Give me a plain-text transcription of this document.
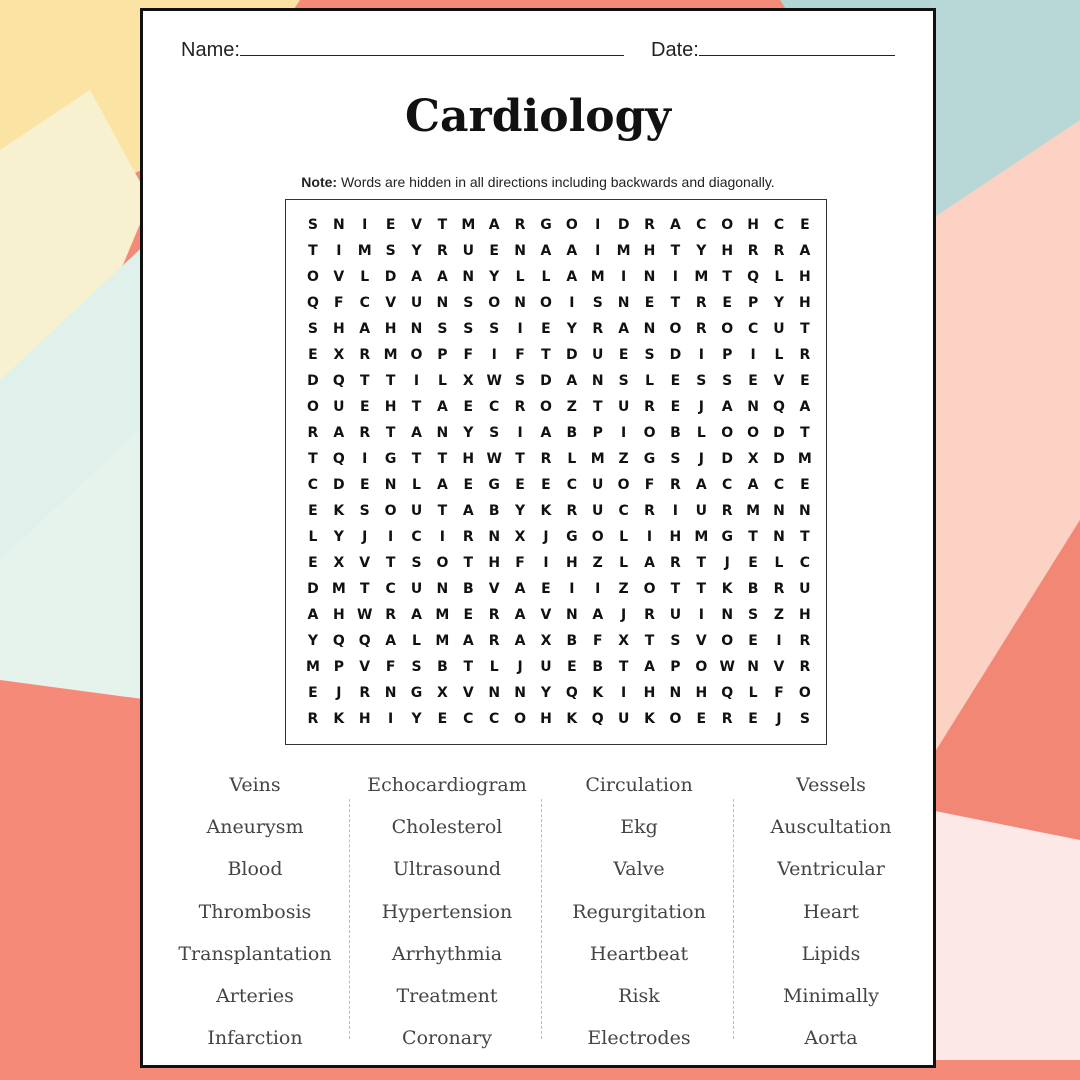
Name:	Date:
Cardiology
Note: Words are hidden in all directions including backwards and diagonally.
S	N	I	E	V	T	M A	R	G	O	I	D	R	A	C	O	H	C	E
T	I	M S	Y	R	U	E	N	A	A	I	M H	T	Y	H	R	R	A
O	V	L	D	A	A	N	Y	L	L	A M	I	N	I	M	T	Q	L	H
Q	F	C	V	U	N	S	O	N	O	I	S	N	E	T	R	E	P	Y	H
S	H	A	H	N	S	S	S	I	E	Y	R	A	N	O	R	O	C	U	T
E	X	R M O	P	F	I	F	T	D	U	E	S	D	I	P	I	L	R
D	Q	T	T	I	L	X W S	D	A	N	S	L	E	S	S	E	V	E
O	U	E	H	T	A	E	C	R	O	Z	T	U	R	E	J	A	N	Q	A
R	A	R	T	A	N	Y	S	I	A	B	P	I	O	B	L	O O	D	T
T	Q	I	G	T	T	H W T	R	L	M Z	G	S	J	D	X	D M
C	D	E	N	L	A	E	G	E	E	C	U	O	F	R	A	C	A	C	E
E	K	S	O	U	T	A	B	Y	K	R	U	C	R	I	U	R M N	N
L	Y	J	I	C	I	R	N	X	J	G	O	L	I	H M G	T	N	T
E	X	V	T	S	O	T	H	F	I	H	Z	L	A	R	T	J	E	L	C
D M	T	C	U	N	B	V	A	E	I	I	Z	O	T	T	K	B	R	U
A	H W R	A M	E	R	A	V	N	A	J	R	U	I	N	S	Z	H
Y	Q Q	A	L	M A	R	A	X	B	F	X	T	S	V	O	E	I	R
M P	V	F	S	B	T	L	J	U	E	B	T	A	P	O W N	V	R
E	J	R	N	G	X	V	N	N	Y	Q	K	I	H	N	H	Q	L	F	O
R	K	H	I	Y	E	C	C	O	H	K	Q	U	K	O	E	R	E	J	S
Veins
Aneurysm
Blood
Thrombosis
Transplantation
Arteries
Infarction
Echocardiogram
Cholesterol
Ultrasound
Hypertension
Arrhythmia
Treatment
Coronary
Circulation
Ekg
Valve
Regurgitation
Heartbeat
Risk
Electrodes
Vessels
Auscultation
Ventricular
Heart
Lipids
Minimally
Aorta
